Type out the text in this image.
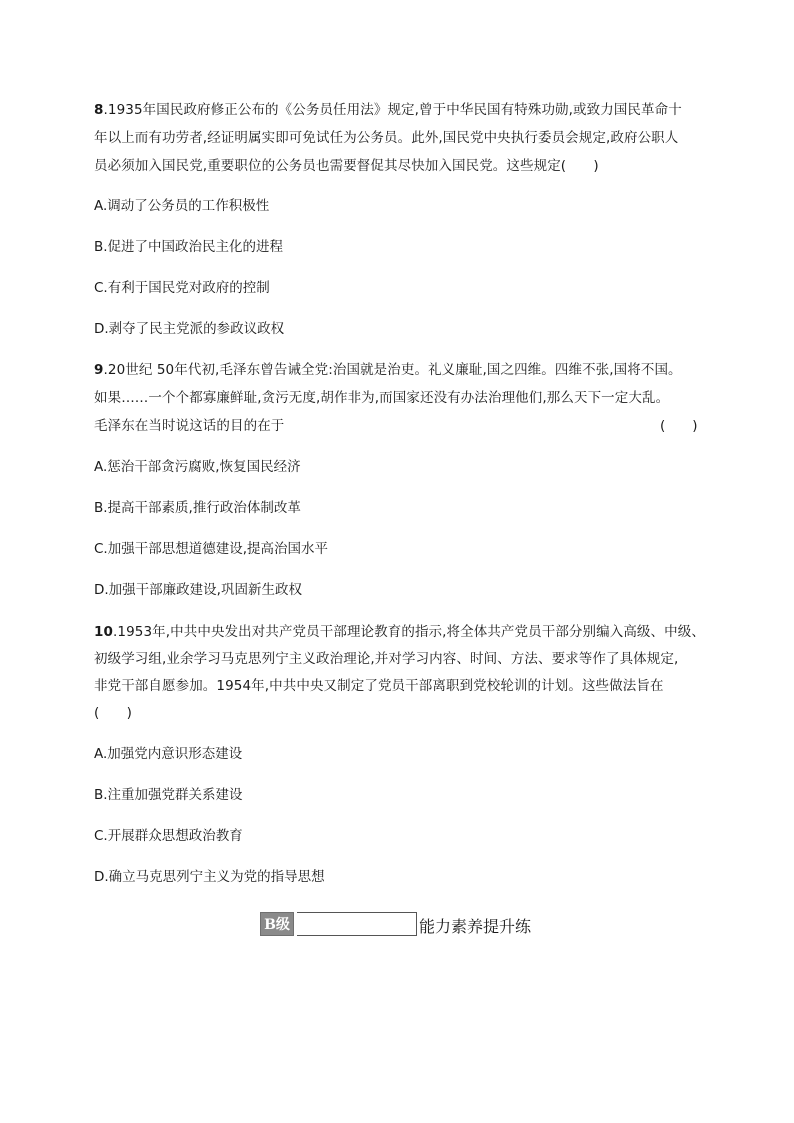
8.1935年国民政府修正公布的《公务员任用法》规定,曾于中华民国有特殊功勋,或致力国民革命十
年以上而有功劳者,经证明属实即可免试任为公务员。此外,国民党中央执行委员会规定,政府公职人
员必须加入国民党,重要职位的公务员也需要督促其尽快加入国民党。这些规定(　　)
A.调动了公务员的工作积极性
B.促进了中国政治民主化的进程
C.有利于国民党对政府的控制
D.剥夺了民主党派的参政议政权
9.20世纪 50年代初,毛泽东曾告诫全党:治国就是治吏。礼义廉耻,国之四维。四维不张,国将不国。
如果……一个个都寡廉鲜耻,贪污无度,胡作非为,而国家还没有办法治理他们,那么天下一定大乱。
毛泽东在当时说这话的目的在于	(　　)
A.惩治干部贪污腐败,恢复国民经济
B.提高干部素质,推行政治体制改革
C.加强干部思想道德建设,提高治国水平
D.加强干部廉政建设,巩固新生政权
10.1953年,中共中央发出对共产党员干部理论教育的指示,将全体共产党员干部分别编入高级、中级、
初级学习组,业余学习马克思列宁主义政治理论,并对学习内容、时间、方法、要求等作了具体规定,
非党干部自愿参加。1954年,中共中央又制定了党员干部离职到党校轮训的计划。这些做法旨在
(　　)
A.加强党内意识形态建设
B.注重加强党群关系建设
C.开展群众思想政治教育
D.确立马克思列宁主义为党的指导思想
B级	能力素养提升练
